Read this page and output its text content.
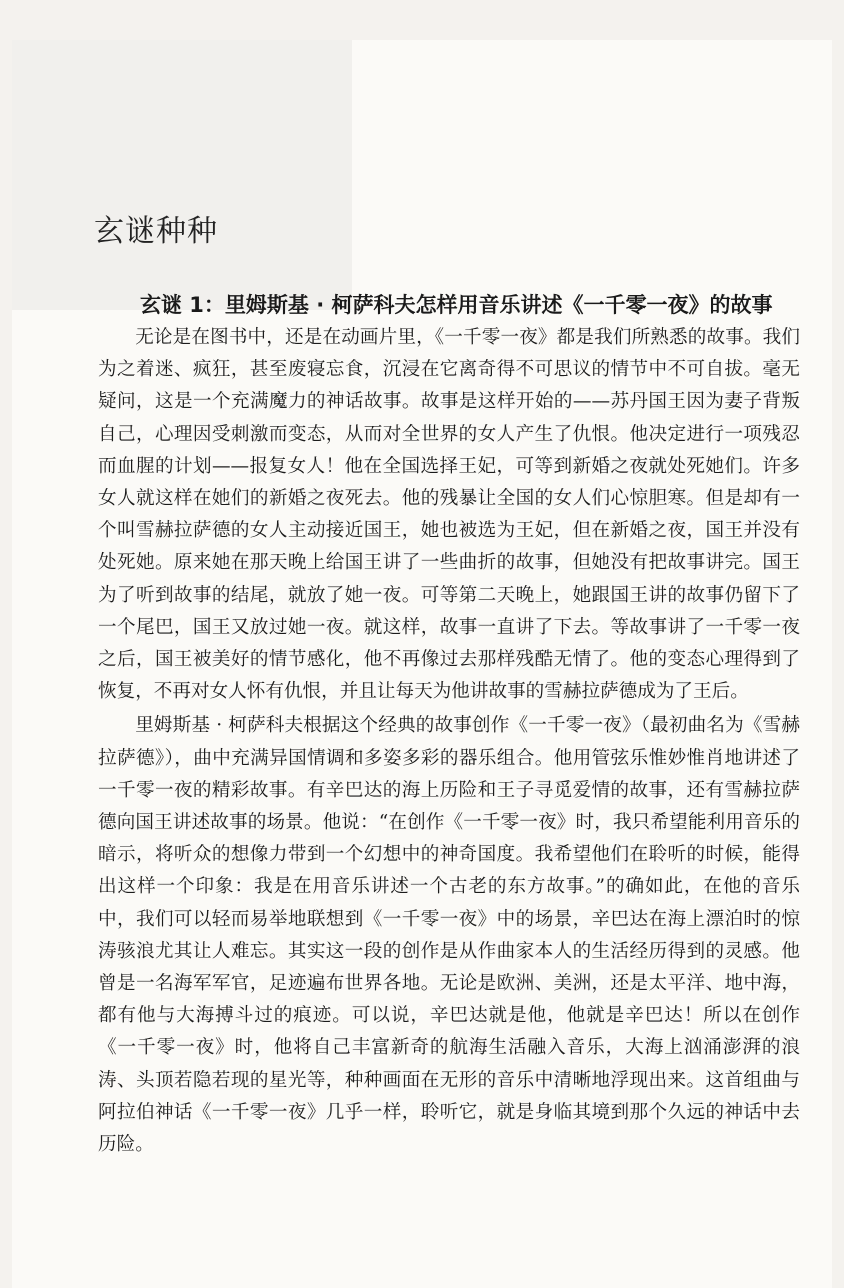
玄谜种种
玄谜 1：里姆斯基 · 柯萨科夫怎样用音乐讲述《一千零一夜》的故事

无论是在图书中，还是在动画片里，《一千零一夜》都是我们所熟悉的故事。我们为之着迷、疯狂，甚至废寝忘食，沉浸在它离奇得不可思议的情节中不可自拔。毫无疑问，这是一个充满魔力的神话故事。故事是这样开始的——苏丹国王因为妻子背叛自己，心理因受刺激而变态，从而对全世界的女人产生了仇恨。他决定进行一项残忍而血腥的计划——报复女人！他在全国选择王妃，可等到新婚之夜就处死她们。许多女人就这样在她们的新婚之夜死去。他的残暴让全国的女人们心惊胆寒。但是却有一个叫雪赫拉萨德的女人主动接近国王，她也被选为王妃，但在新婚之夜，国王并没有处死她。原来她在那天晚上给国王讲了一些曲折的故事，但她没有把故事讲完。国王为了听到故事的结尾，就放了她一夜。可等第二天晚上，她跟国王讲的故事仍留下了一个尾巴，国王又放过她一夜。就这样，故事一直讲了下去。等故事讲了一千零一夜之后，国王被美好的情节感化，他不再像过去那样残酷无情了。他的变态心理得到了恢复，不再对女人怀有仇恨，并且让每天为他讲故事的雪赫拉萨德成为了王后。

里姆斯基 · 柯萨科夫根据这个经典的故事创作《一千零一夜》（最初曲名为《雪赫拉萨德》），曲中充满异国情调和多姿多彩的器乐组合。他用管弦乐惟妙惟肖地讲述了一千零一夜的精彩故事。有辛巴达的海上历险和王子寻觅爱情的故事，还有雪赫拉萨德向国王讲述故事的场景。他说：“在创作《一千零一夜》时，我只希望能利用音乐的暗示，将听众的想像力带到一个幻想中的神奇国度。我希望他们在聆听的时候，能得出这样一个印象：我是在用音乐讲述一个古老的东方故事。”的确如此，在他的音乐中，我们可以轻而易举地联想到《一千零一夜》中的场景，辛巴达在海上漂泊时的惊涛骇浪尤其让人难忘。其实这一段的创作是从作曲家本人的生活经历得到的灵感。他曾是一名海军军官，足迹遍布世界各地。无论是欧洲、美洲，还是太平洋、地中海，都有他与大海搏斗过的痕迹。可以说，辛巴达就是他，他就是辛巴达！所以在创作《一千零一夜》时，他将自己丰富新奇的航海生活融入音乐，大海上汹涌澎湃的浪涛、头顶若隐若现的星光等，种种画面在无形的音乐中清晰地浮现出来。这首组曲与阿拉伯神话《一千零一夜》几乎一样，聆听它，就是身临其境到那个久远的神话中去历险。
